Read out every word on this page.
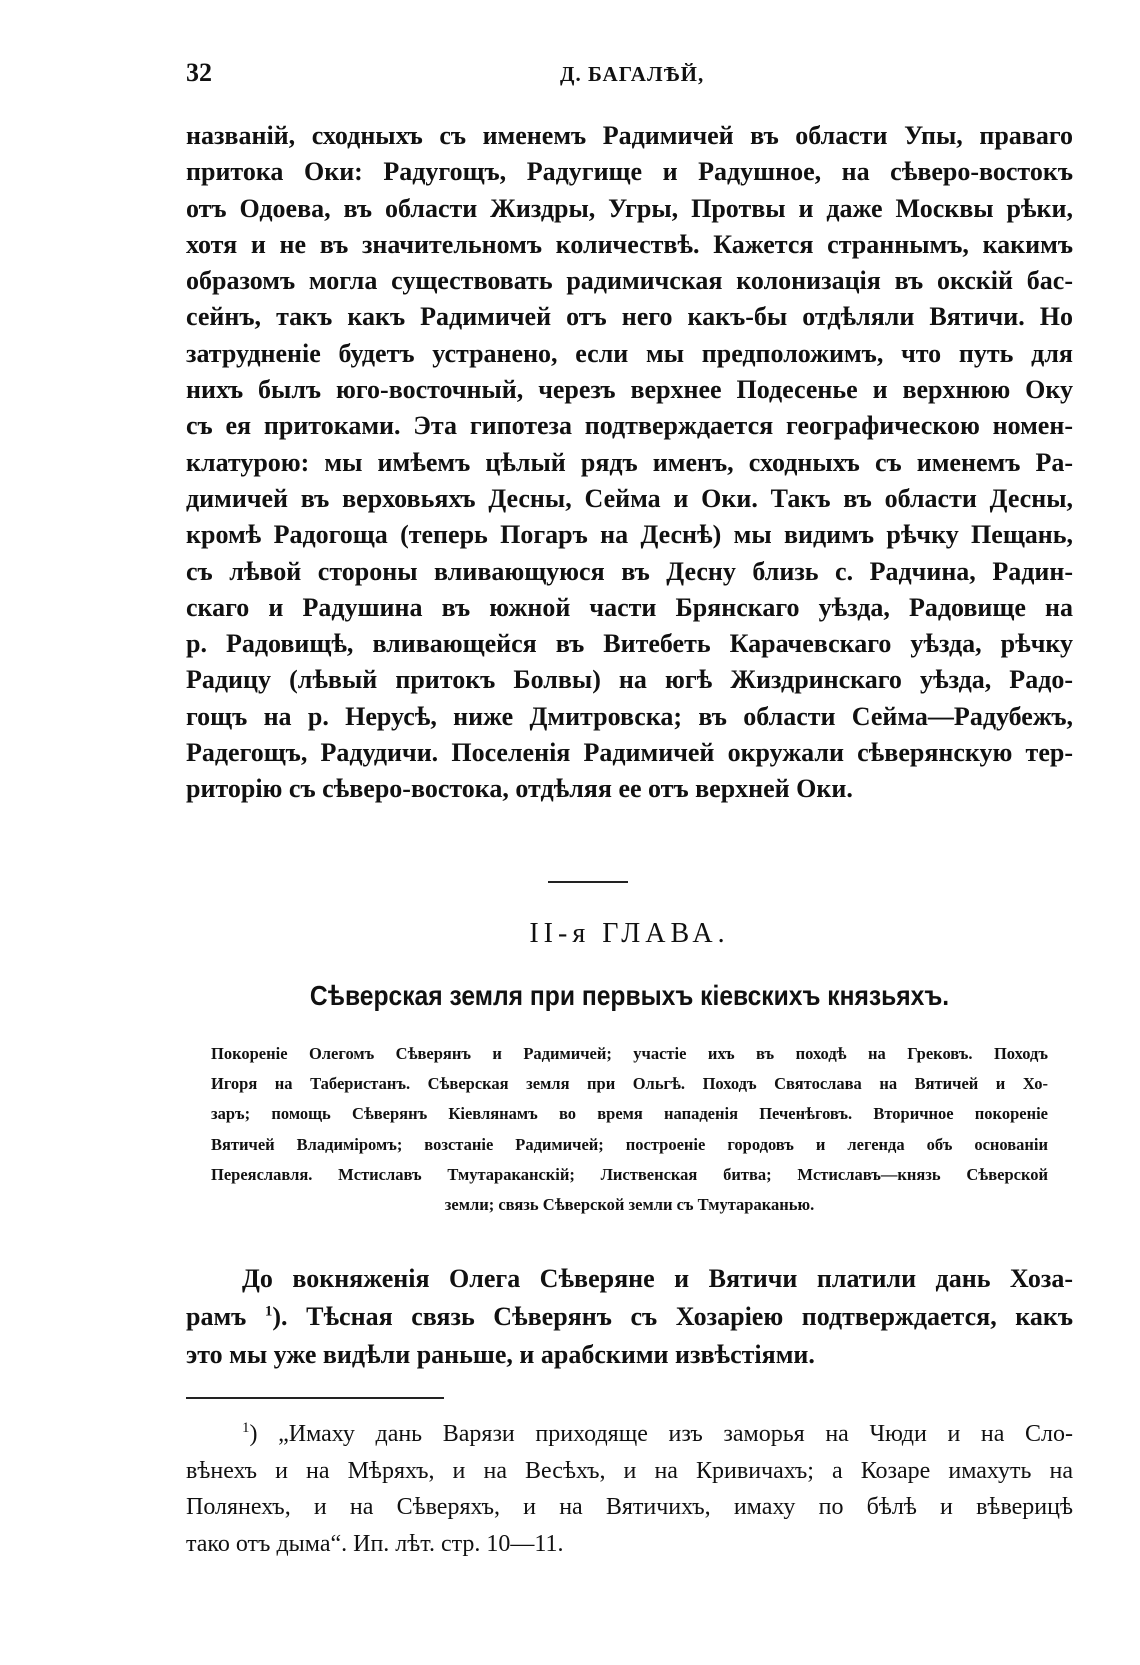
32	Д. БАГАЛѢЙ,
названій, сходныхъ съ именемъ Радимичей въ области Упы, праваго
притока Оки: Радугощъ, Радугище и Радушное, на сѣверо-востокъ
отъ Одоева, въ области Жиздры, Угры, Протвы и даже Москвы рѣки,
хотя и не въ значительномъ количествѣ. Кажется страннымъ, какимъ
образомъ могла существовать радимичская колонизація въ окскій бас-
сейнъ, такъ какъ Радимичей отъ него какъ-бы отдѣляли Вятичи. Но
затрудненіе будетъ устранено, если мы предположимъ, что путь для
нихъ былъ юго-восточный, черезъ верхнее Подесенье и верхнюю Оку
съ ея притоками. Эта гипотеза подтверждается географическою номен-
клатурою: мы имѣемъ цѣлый рядъ именъ, сходныхъ съ именемъ Ра-
димичей въ верховьяхъ Десны, Сейма и Оки. Такъ въ области Десны,
кромѣ Радогоща (теперь Погаръ на Деснѣ) мы видимъ рѣчку Пещань,
съ лѣвой стороны вливающуюся въ Десну близь с. Радчина, Радин-
скаго и Радушина въ южной части Брянскаго уѣзда, Радовище на
р. Радовищѣ, вливающейся въ Витебеть Карачевскаго уѣзда, рѣчку
Радицу (лѣвый притокъ Болвы) на югѣ Жиздринскаго уѣзда, Радо-
гощъ на р. Нерусѣ, ниже Дмитровска; въ области Сейма—Радубежъ,
Радегощъ, Радудичи. Поселенія Радимичей окружали сѣверянскую тер-
риторію съ сѣверо-востока, отдѣляя ее отъ верхней Оки.
II-я ГЛАВА.
Сѣверская земля при первыхъ кіевскихъ князьяхъ.
Покореніе Олегомъ Сѣверянъ и Радимичей; участіе ихъ въ походѣ на Грековъ. Походъ
Игоря на Таберистанъ. Сѣверская земля при Ольгѣ. Походъ Святослава на Вятичей и Хо-
заръ; помощь Сѣверянъ Кіевлянамъ во время нападенія Печенѣговъ. Вторичное покореніе
Вятичей Владиміромъ; возстаніе Радимичей; построеніе городовъ и легенда объ основаніи
Переяславля. Мстиславъ Тмутараканскій; Лиственская битва; Мстиславъ—князь Сѣверской
земли; связь Сѣверской земли съ Тмутараканью.
До вокняженія Олега Сѣверяне и Вятичи платили дань Хоза-
рамъ $^1$). Тѣсная связь Сѣверянъ съ Хозаріею подтверждается, какъ
это мы уже видѣли раньше, и арабскими извѣстіями.
$^1$) „Имаху дань Варязи приходяще изъ заморья на Чюди и на Сло-
вѣнехъ и на Мѣряхъ, и на Весѣхъ, и на Кривичахъ; а Козаре имахуть на
Полянехъ, и на Сѣверяхъ, и на Вятичихъ, имаху по бѣлѣ и вѣверицѣ
тако отъ дыма“. Ип. лѣт. стр. 10—11.
